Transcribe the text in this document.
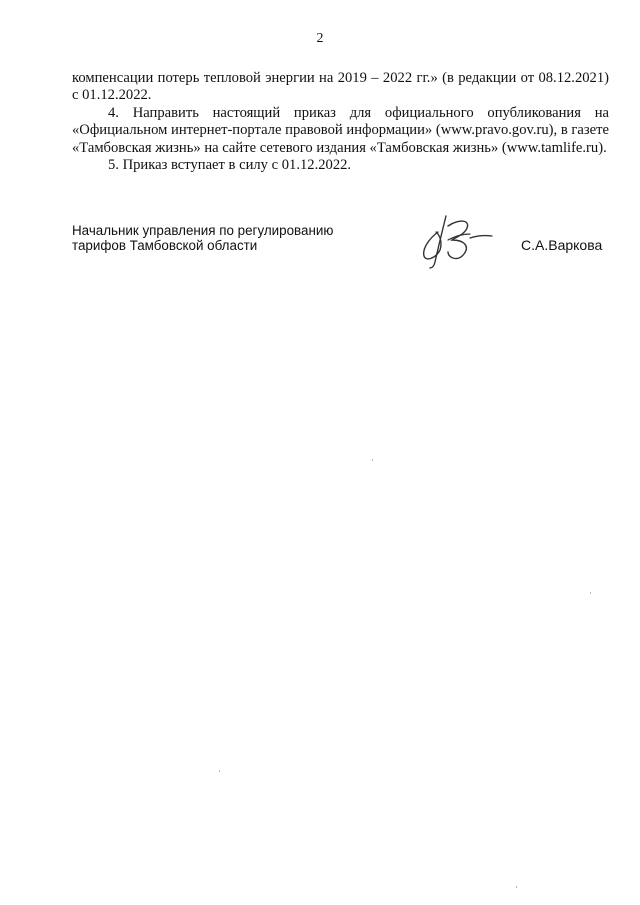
2

компенсации потерь тепловой энергии на 2019 – 2022 гг.» (в редакции от 08.12.2021) с 01.12.2022.

4. Направить настоящий приказ для официального опубликования на «Официальном интернет-портале правовой информации» (www.pravo.gov.ru), в газете «Тамбовская жизнь» на сайте сетевого издания «Тамбовская жизнь» (www.tamlife.ru).

5. Приказ вступает в силу с 01.12.2022.

Начальник управления по регулированию
тарифов Тамбовской области	С.А.Варкова
